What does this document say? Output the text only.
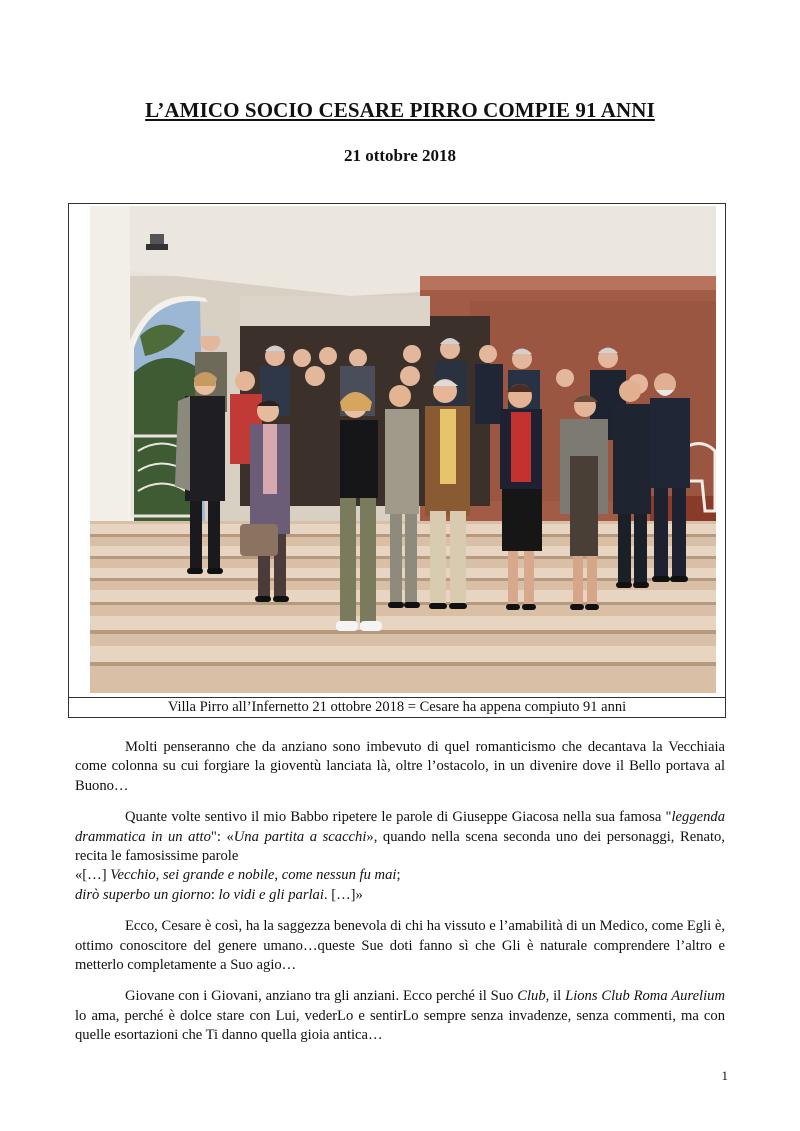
L’AMICO SOCIO CESARE PIRRO COMPIE 91 ANNI
21 ottobre 2018
Villa Pirro all’Infernetto 21 ottobre 2018 = Cesare ha appena compiuto 91 anni

Molti penseranno che da anziano sono imbevuto di quel romanticismo che decantava la Vecchiaia come colonna su cui forgiare la gioventù lanciata là, oltre l’ostacolo, in un divenire dove il Bello portava al Buono…

Quante volte sentivo il mio Babbo ripetere le parole di Giuseppe Giacosa nella sua famosa "leggenda drammatica in un atto": «Una partita a scacchi», quando nella scena seconda uno dei personaggi, Renato, recita le famosissime parole

«[…] Vecchio, sei grande e nobile, come nessun fu mai;

dirò superbo un giorno: lo vidi e gli parlai. […]»

Ecco, Cesare è così, ha la saggezza benevola di chi ha vissuto e l’amabilità di un Medico, come Egli è, ottimo conoscitore del genere umano…queste Sue doti fanno sì che Gli è naturale comprendere l’altro e metterlo completamente a Suo agio…

Giovane con i Giovani, anziano tra gli anziani. Ecco perché il Suo Club, il Lions Club Roma Aurelium lo ama, perché è dolce stare con Lui, vederLo e sentirLo sempre senza invadenze, senza commenti, ma con quelle esortazioni che Ti danno quella gioia antica…

1
